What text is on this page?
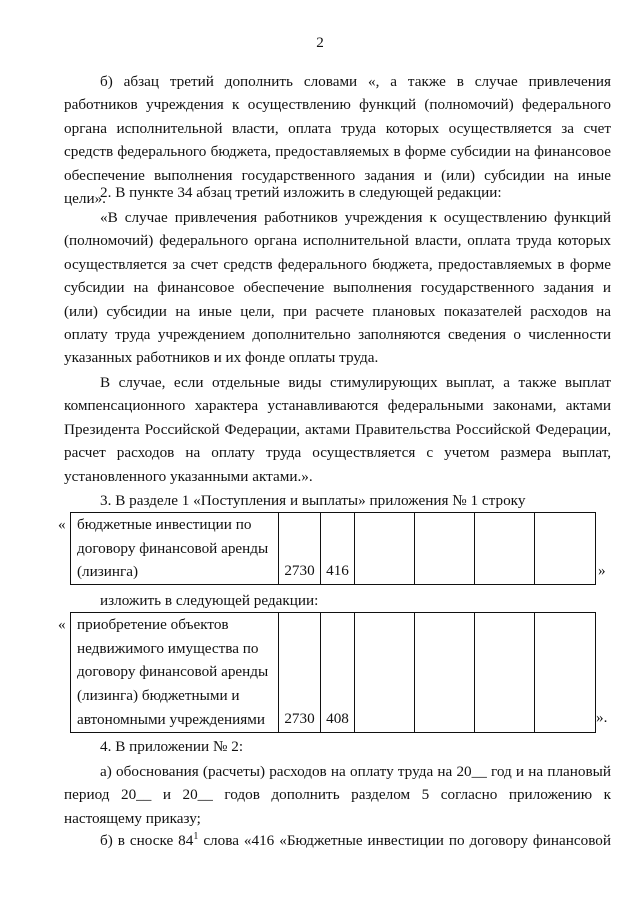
2

б) абзац третий дополнить словами «, а также в случае привлечения работников учреждения к осуществлению функций (полномочий) федерального органа исполнительной власти, оплата труда которых осуществляется за счет средств федерального бюджета, предоставляемых в форме субсидии на финансовое обеспечение выполнения государственного задания и (или) субсидии на иные цели».

2. В пункте 34 абзац третий изложить в следующей редакции:

«В случае привлечения работников учреждения к осуществлению функций (полномочий) федерального органа исполнительной власти, оплата труда которых осуществляется за счет средств федерального бюджета, предоставляемых в форме субсидии на финансовое обеспечение выполнения государственного задания и (или) субсидии на иные цели, при расчете плановых показателей расходов на оплату труда учреждением дополнительно заполняются сведения о численности указанных работников и их фонде оплаты труда.

В случае, если отдельные виды стимулирующих выплат, а также выплат компенсационного характера устанавливаются федеральными законами, актами Президента Российской Федерации, актами Правительства Российской Федерации, расчет расходов на оплату труда осуществляется с учетом размера выплат, установленного указанными актами.».

3. В разделе 1 «Поступления и выплаты» приложения № 1 строку

« бюджетные инвестиции по договору финансовой аренды (лизинга)	2730	416					»

изложить в следующей редакции:

« приобретение объектов недвижимого имущества по договору финансовой аренды (лизинга) бюджетными и автономными учреждениями	2730	408					».

4. В приложении № 2:

а) обоснования (расчеты) расходов на оплату труда на 20__ год и на плановый период 20__ и 20__ годов дополнить разделом 5 согласно приложению к настоящему приказу;

б) в сноске $84^1$ слова «416 «Бюджетные инвестиции по договору финансовой
